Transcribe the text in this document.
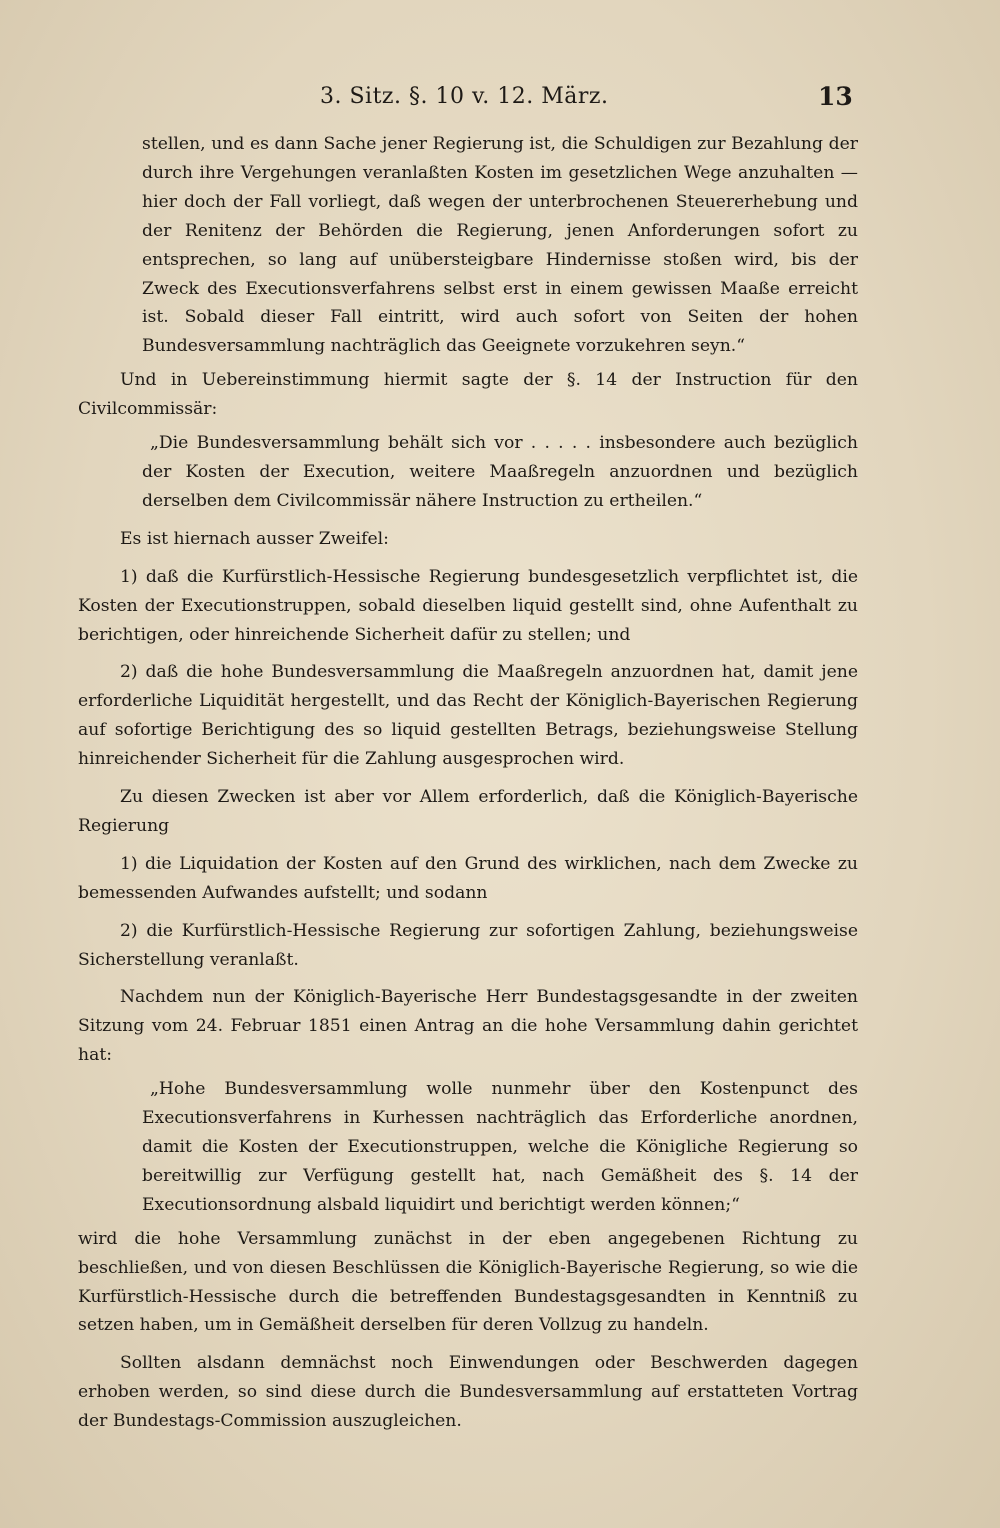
3. Sitz. §. 10 v. 12. März.	13

stellen, und es dann Sache jener Regierung ist, die Schuldigen zur Bezahlung der durch ihre Vergehungen veranlaßten Kosten im gesetzlichen Wege anzuhalten — hier doch der Fall vorliegt, daß wegen der unterbrochenen Steuererhebung und der Renitenz der Behörden die Regierung, jenen Anforderungen sofort zu entsprechen, so lang auf unübersteigbare Hindernisse stoßen wird, bis der Zweck des Executionsverfahrens selbst erst in einem gewissen Maaße erreicht ist. Sobald dieser Fall eintritt, wird auch sofort von Seiten der hohen Bundesversammlung nachträglich das Geeignete vorzukehren seyn.“

Und in Uebereinstimmung hiermit sagte der §. 14 der Instruction für den Civilcommissär:

„Die Bundesversammlung behält sich vor . . . . . insbesondere auch bezüglich der Kosten der Execution, weitere Maaßregeln anzuordnen und bezüglich derselben dem Civilcommissär nähere Instruction zu ertheilen.“

Es ist hiernach ausser Zweifel:

1) daß die Kurfürstlich-Hessische Regierung bundesgesetzlich verpflichtet ist, die Kosten der Executionstruppen, sobald dieselben liquid gestellt sind, ohne Aufenthalt zu berichtigen, oder hinreichende Sicherheit dafür zu stellen; und

2) daß die hohe Bundesversammlung die Maaßregeln anzuordnen hat, damit jene erforderliche Liquidität hergestellt, und das Recht der Königlich-Bayerischen Regierung auf sofortige Berichtigung des so liquid gestellten Betrags, beziehungsweise Stellung hinreichender Sicherheit für die Zahlung ausgesprochen wird.

Zu diesen Zwecken ist aber vor Allem erforderlich, daß die Königlich-Bayerische Regierung

1) die Liquidation der Kosten auf den Grund des wirklichen, nach dem Zwecke zu bemessenden Aufwandes aufstellt; und sodann

2) die Kurfürstlich-Hessische Regierung zur sofortigen Zahlung, beziehungsweise Sicherstellung veranlaßt.

Nachdem nun der Königlich-Bayerische Herr Bundestagsgesandte in der zweiten Sitzung vom 24. Februar 1851 einen Antrag an die hohe Versammlung dahin gerichtet hat:

„Hohe Bundesversammlung wolle nunmehr über den Kostenpunct des Executionsverfahrens in Kurhessen nachträglich das Erforderliche anordnen, damit die Kosten der Executionstruppen, welche die Königliche Regierung so bereitwillig zur Verfügung gestellt hat, nach Gemäßheit des §. 14 der Executionsordnung alsbald liquidirt und berichtigt werden können;“

wird die hohe Versammlung zunächst in der eben angegebenen Richtung zu beschließen, und von diesen Beschlüssen die Königlich-Bayerische Regierung, so wie die Kurfürstlich-Hessische durch die betreffenden Bundestagsgesandten in Kenntniß zu setzen haben, um in Gemäßheit derselben für deren Vollzug zu handeln.

Sollten alsdann demnächst noch Einwendungen oder Beschwerden dagegen erhoben werden, so sind diese durch die Bundesversammlung auf erstatteten Vortrag der Bundestags-Commission auszugleichen.
